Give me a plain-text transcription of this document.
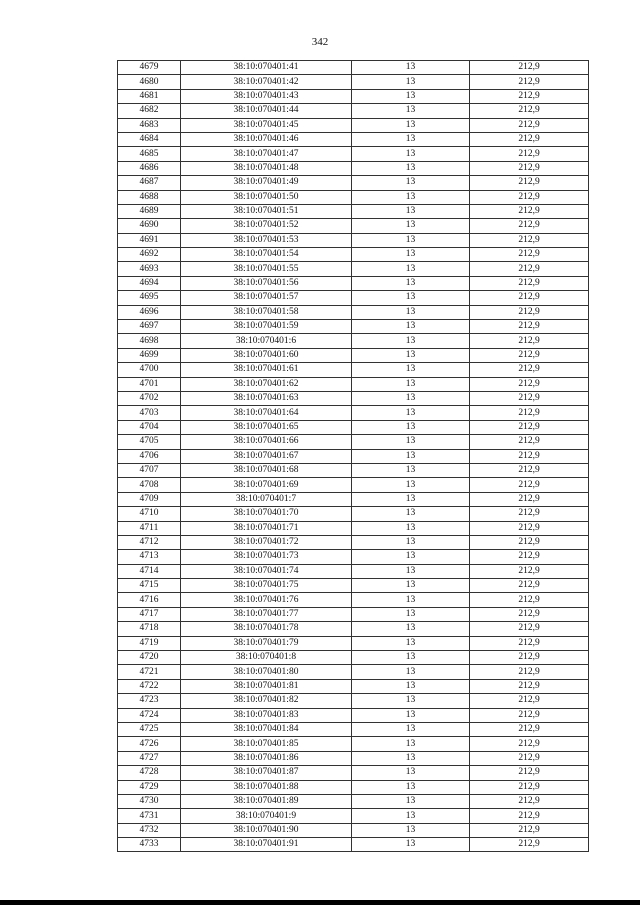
342
4679	38:10:070401:41	13	212,9
4680	38:10:070401:42	13	212,9
4681	38:10:070401:43	13	212,9
4682	38:10:070401:44	13	212,9
4683	38:10:070401:45	13	212,9
4684	38:10:070401:46	13	212,9
4685	38:10:070401:47	13	212,9
4686	38:10:070401:48	13	212,9
4687	38:10:070401:49	13	212,9
4688	38:10:070401:50	13	212,9
4689	38:10:070401:51	13	212,9
4690	38:10:070401:52	13	212,9
4691	38:10:070401:53	13	212,9
4692	38:10:070401:54	13	212,9
4693	38:10:070401:55	13	212,9
4694	38:10:070401:56	13	212,9
4695	38:10:070401:57	13	212,9
4696	38:10:070401:58	13	212,9
4697	38:10:070401:59	13	212,9
4698	38:10:070401:6	13	212,9
4699	38:10:070401:60	13	212,9
4700	38:10:070401:61	13	212,9
4701	38:10:070401:62	13	212,9
4702	38:10:070401:63	13	212,9
4703	38:10:070401:64	13	212,9
4704	38:10:070401:65	13	212,9
4705	38:10:070401:66	13	212,9
4706	38:10:070401:67	13	212,9
4707	38:10:070401:68	13	212,9
4708	38:10:070401:69	13	212,9
4709	38:10:070401:7	13	212,9
4710	38:10:070401:70	13	212,9
4711	38:10:070401:71	13	212,9
4712	38:10:070401:72	13	212,9
4713	38:10:070401:73	13	212,9
4714	38:10:070401:74	13	212,9
4715	38:10:070401:75	13	212,9
4716	38:10:070401:76	13	212,9
4717	38:10:070401:77	13	212,9
4718	38:10:070401:78	13	212,9
4719	38:10:070401:79	13	212,9
4720	38:10:070401:8	13	212,9
4721	38:10:070401:80	13	212,9
4722	38:10:070401:81	13	212,9
4723	38:10:070401:82	13	212,9
4724	38:10:070401:83	13	212,9
4725	38:10:070401:84	13	212,9
4726	38:10:070401:85	13	212,9
4727	38:10:070401:86	13	212,9
4728	38:10:070401:87	13	212,9
4729	38:10:070401:88	13	212,9
4730	38:10:070401:89	13	212,9
4731	38:10:070401:9	13	212,9
4732	38:10:070401:90	13	212,9
4733	38:10:070401:91	13	212,9
